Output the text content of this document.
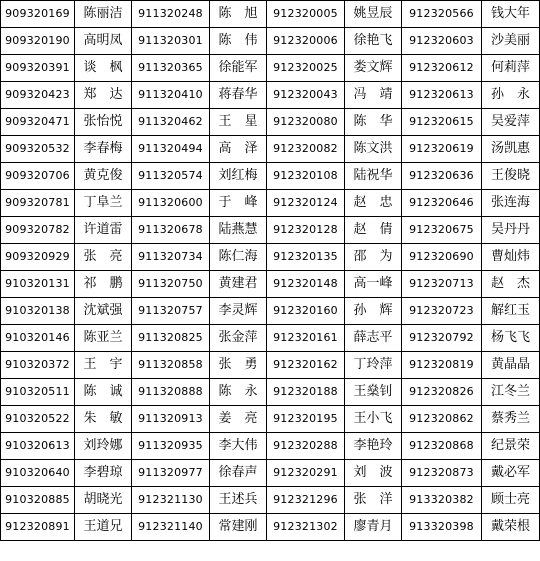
909320169	陈丽洁	911320248	陈　旭	912320005	姚昱辰	912320566	钱大年
909320190	高明凤	911320301	陈　伟	912320006	徐艳飞	912320603	沙美丽
909320391	谈　枫	911320365	徐能军	912320025	娄文辉	912320612	何莉萍
909320423	郑　达	911320410	蒋春华	912320043	冯　靖	912320613	孙　永
909320471	张怡悦	911320462	王　星	912320080	陈　华	912320615	吴爱萍
909320532	李春梅	911320494	高　泽	912320082	陈文洪	912320619	汤凯惠
909320706	黄克俊	911320574	刘红梅	912320108	陆祝华	912320636	王俊晓
909320781	丁阜兰	911320600	于　峰	912320124	赵　忠	912320646	张连海
909320782	许道雷	911320678	陆燕慧	912320128	赵　倩	912320675	吴丹丹
909320929	张　亮	911320734	陈仁海	912320135	邵　为	912320690	曹灿炜
910320131	祁　鹏	911320750	黄建君	912320148	高一峰	912320713	赵　杰
910320138	沈斌强	911320757	李灵辉	912320160	孙　辉	912320723	解红玉
910320146	陈亚兰	911320825	张金萍	912320161	薛志平	912320792	杨飞飞
910320372	王　宇	911320858	张　勇	912320162	丁玲萍	912320819	黄晶晶
910320511	陈　诚	911320888	陈　永	912320188	王燊钊	912320826	江冬兰
910320522	朱　敏	911320913	姜　亮	912320195	王小飞	912320862	蔡秀兰
910320613	刘玲娜	911320935	李大伟	912320288	李艳玲	912320868	纪景荣
910320640	李碧琼	911320977	徐春声	912320291	刘　波	912320873	戴必军
910320885	胡晓光	912321130	王述兵	912321296	张　洋	913320382	顾士亮
912320891	王道兄	912321140	常建刚	912321302	廖青月	913320398	戴荣根
